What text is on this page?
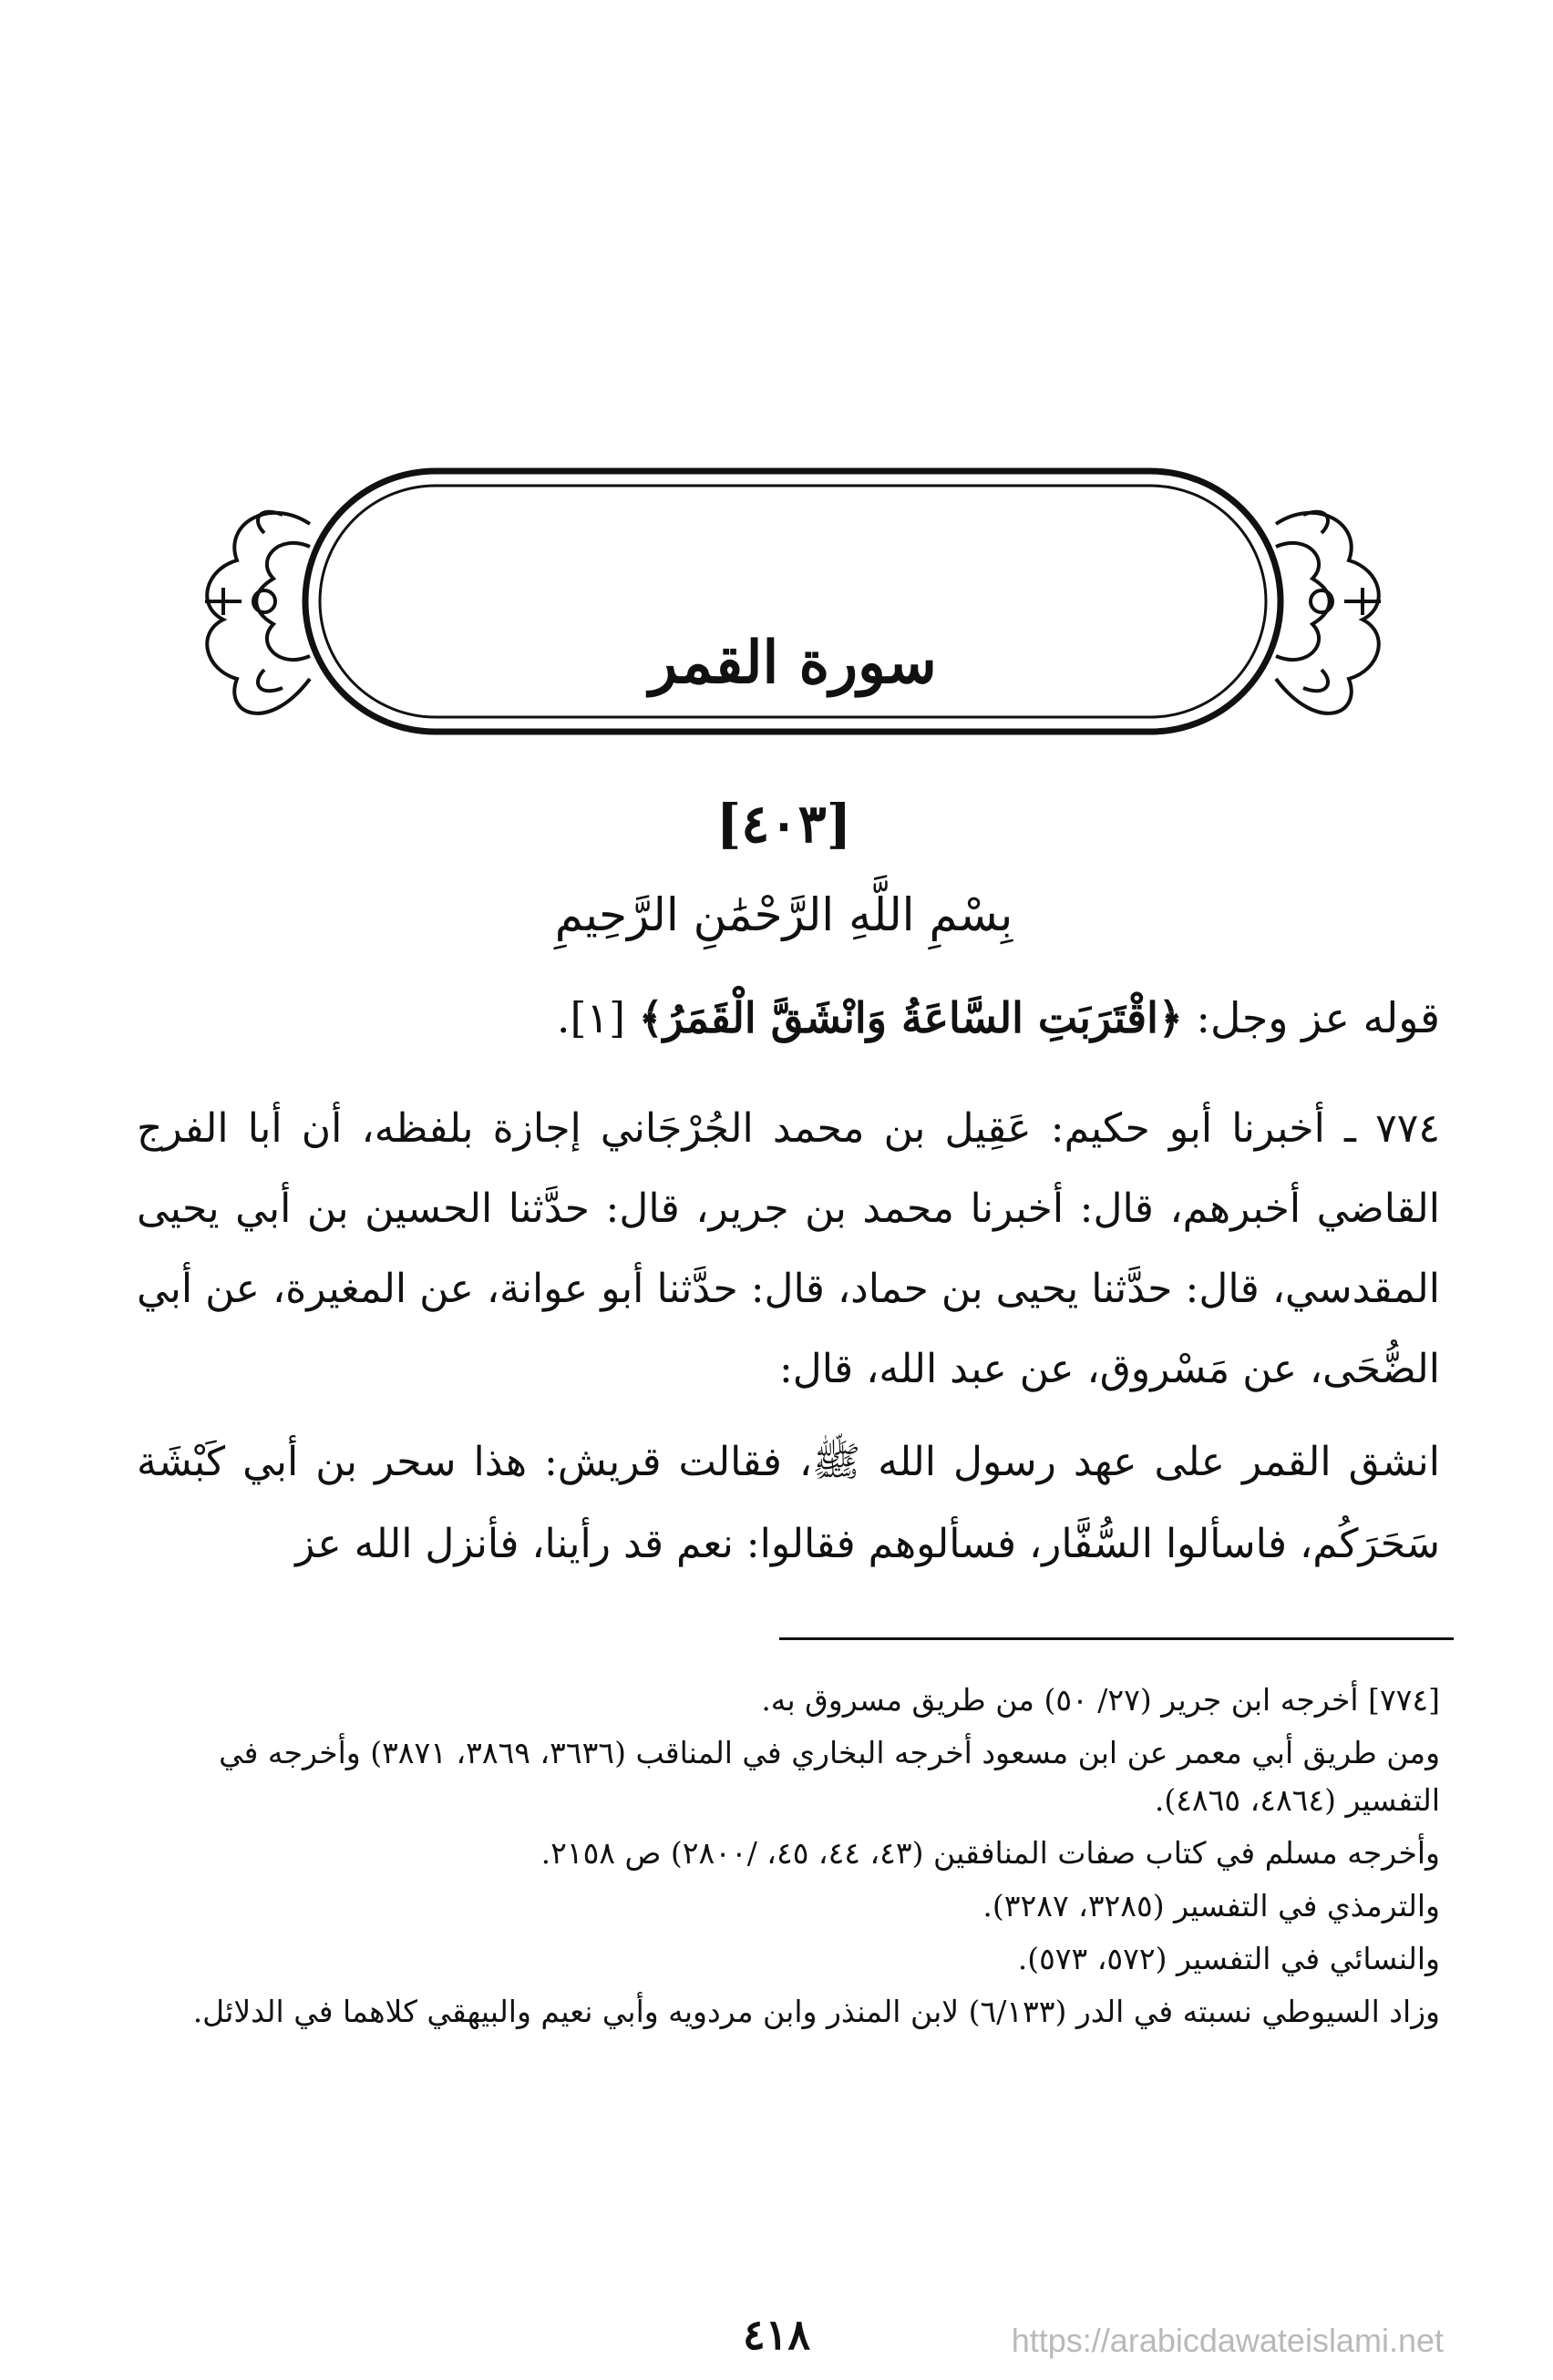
سورة القمر
[٤٠٣]
بِسْمِ اللَّهِ الرَّحْمَٰنِ الرَّحِيمِ
قوله عز وجل: ﴿اقْتَرَبَتِ السَّاعَةُ وَانْشَقَّ الْقَمَرُ﴾ [١].
٧٧٤ ـ أخبرنا أبو حكيم: عَقِيل بن محمد الجُرْجَاني إجازة بلفظه، أن أبا الفرج القاضي أخبرهم، قال: أخبرنا محمد بن جرير، قال: حدَّثنا الحسين بن أبي يحيى المقدسي، قال: حدَّثنا يحيى بن حماد، قال: حدَّثنا أبو عوانة، عن المغيرة، عن أبي الضُّحَى، عن مَسْروق، عن عبد الله، قال:
انشق القمر على عهد رسول الله ﷺ، فقالت قريش: هذا سحر بن أبي كَبْشَة سَحَرَكُم، فاسألوا السُّفَّار، فسألوهم فقالوا: نعم قد رأينا، فأنزل الله عز

[٧٧٤] أخرجه ابن جرير (٢٧/ ٥٠) من طريق مسروق به.

ومن طريق أبي معمر عن ابن مسعود أخرجه البخاري في المناقب (٣٦٣٦، ٣٨٦٩، ٣٨٧١) وأخرجه في التفسير (٤٨٦٤، ٤٨٦٥).

وأخرجه مسلم في كتاب صفات المنافقين (٤٣، ٤٤، ٤٥، /٢٨٠٠) ص ٢١٥٨.

والترمذي في التفسير (٣٢٨٥، ٣٢٨٧).

والنسائي في التفسير (٥٧٢، ٥٧٣).

وزاد السيوطي نسبته في الدر (٦/١٣٣) لابن المنذر وابن مردويه وأبي نعيم والبيهقي كلاهما في الدلائل.

٤١٨	https://arabicdawateislami.net
